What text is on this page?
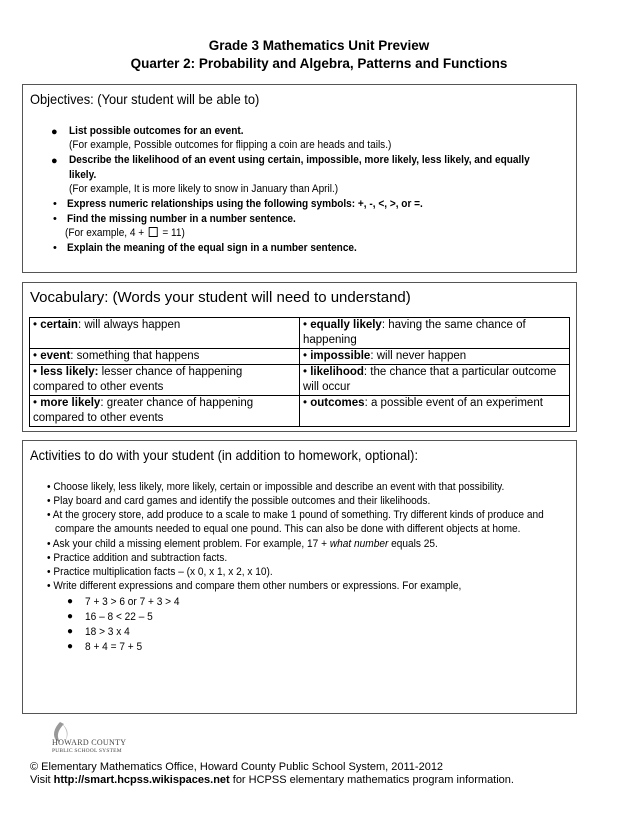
Grade 3 Mathematics Unit Preview
Quarter 2: Probability and Algebra, Patterns and Functions
Objectives: (Your student will be able to)
● List possible outcomes for an event.
(For example, Possible outcomes for flipping a coin are heads and tails.)
● Describe the likelihood of an event using certain, impossible, more likely, less likely, and equally
likely.
(For example, It is more likely to snow in January than April.)
• Express numeric relationships using the following symbols: +, -, <, >, or =.
• Find the missing number in a number sentence.
(For example, 4 + = 11)
• Explain the meaning of the equal sign in a number sentence.
Vocabulary: (Words your student will need to understand)
• certain: will always happen	• equally likely: having the same chance of happening
• event: something that happens	• impossible: will never happen
• less likely: lesser chance of happening compared to other events	• likelihood: the chance that a particular outcome will occur
• more likely: greater chance of happening compared to other events	• outcomes: a possible event of an experiment
Activities to do with your student (in addition to homework, optional):
• Choose likely, less likely, more likely, certain or impossible and describe an event with that possibility.
• Play board and card games and identify the possible outcomes and their likelihoods.
• At the grocery store, add produce to a scale to make 1 pound of something. Try different kinds of produce and
compare the amounts needed to equal one pound. This can also be done with different objects at home.
• Ask your child a missing element problem. For example, 17 + what number equals 25.
• Practice addition and subtraction facts.
• Practice multiplication facts – (x 0, x 1, x 2, x 10).
• Write different expressions and compare them other numbers or expressions. For example,
● 7 + 3 > 6 or 7 + 3 > 4
● 16 – 8 < 22 – 5
● 18 > 3 x 4
● 8 + 4 = 7 + 5
HOWARD COUNTY
PUBLIC SCHOOL SYSTEM
© Elementary Mathematics Office, Howard County Public School System, 2011-2012
Visit http://smart.hcpss.wikispaces.net for HCPSS elementary mathematics program information.
